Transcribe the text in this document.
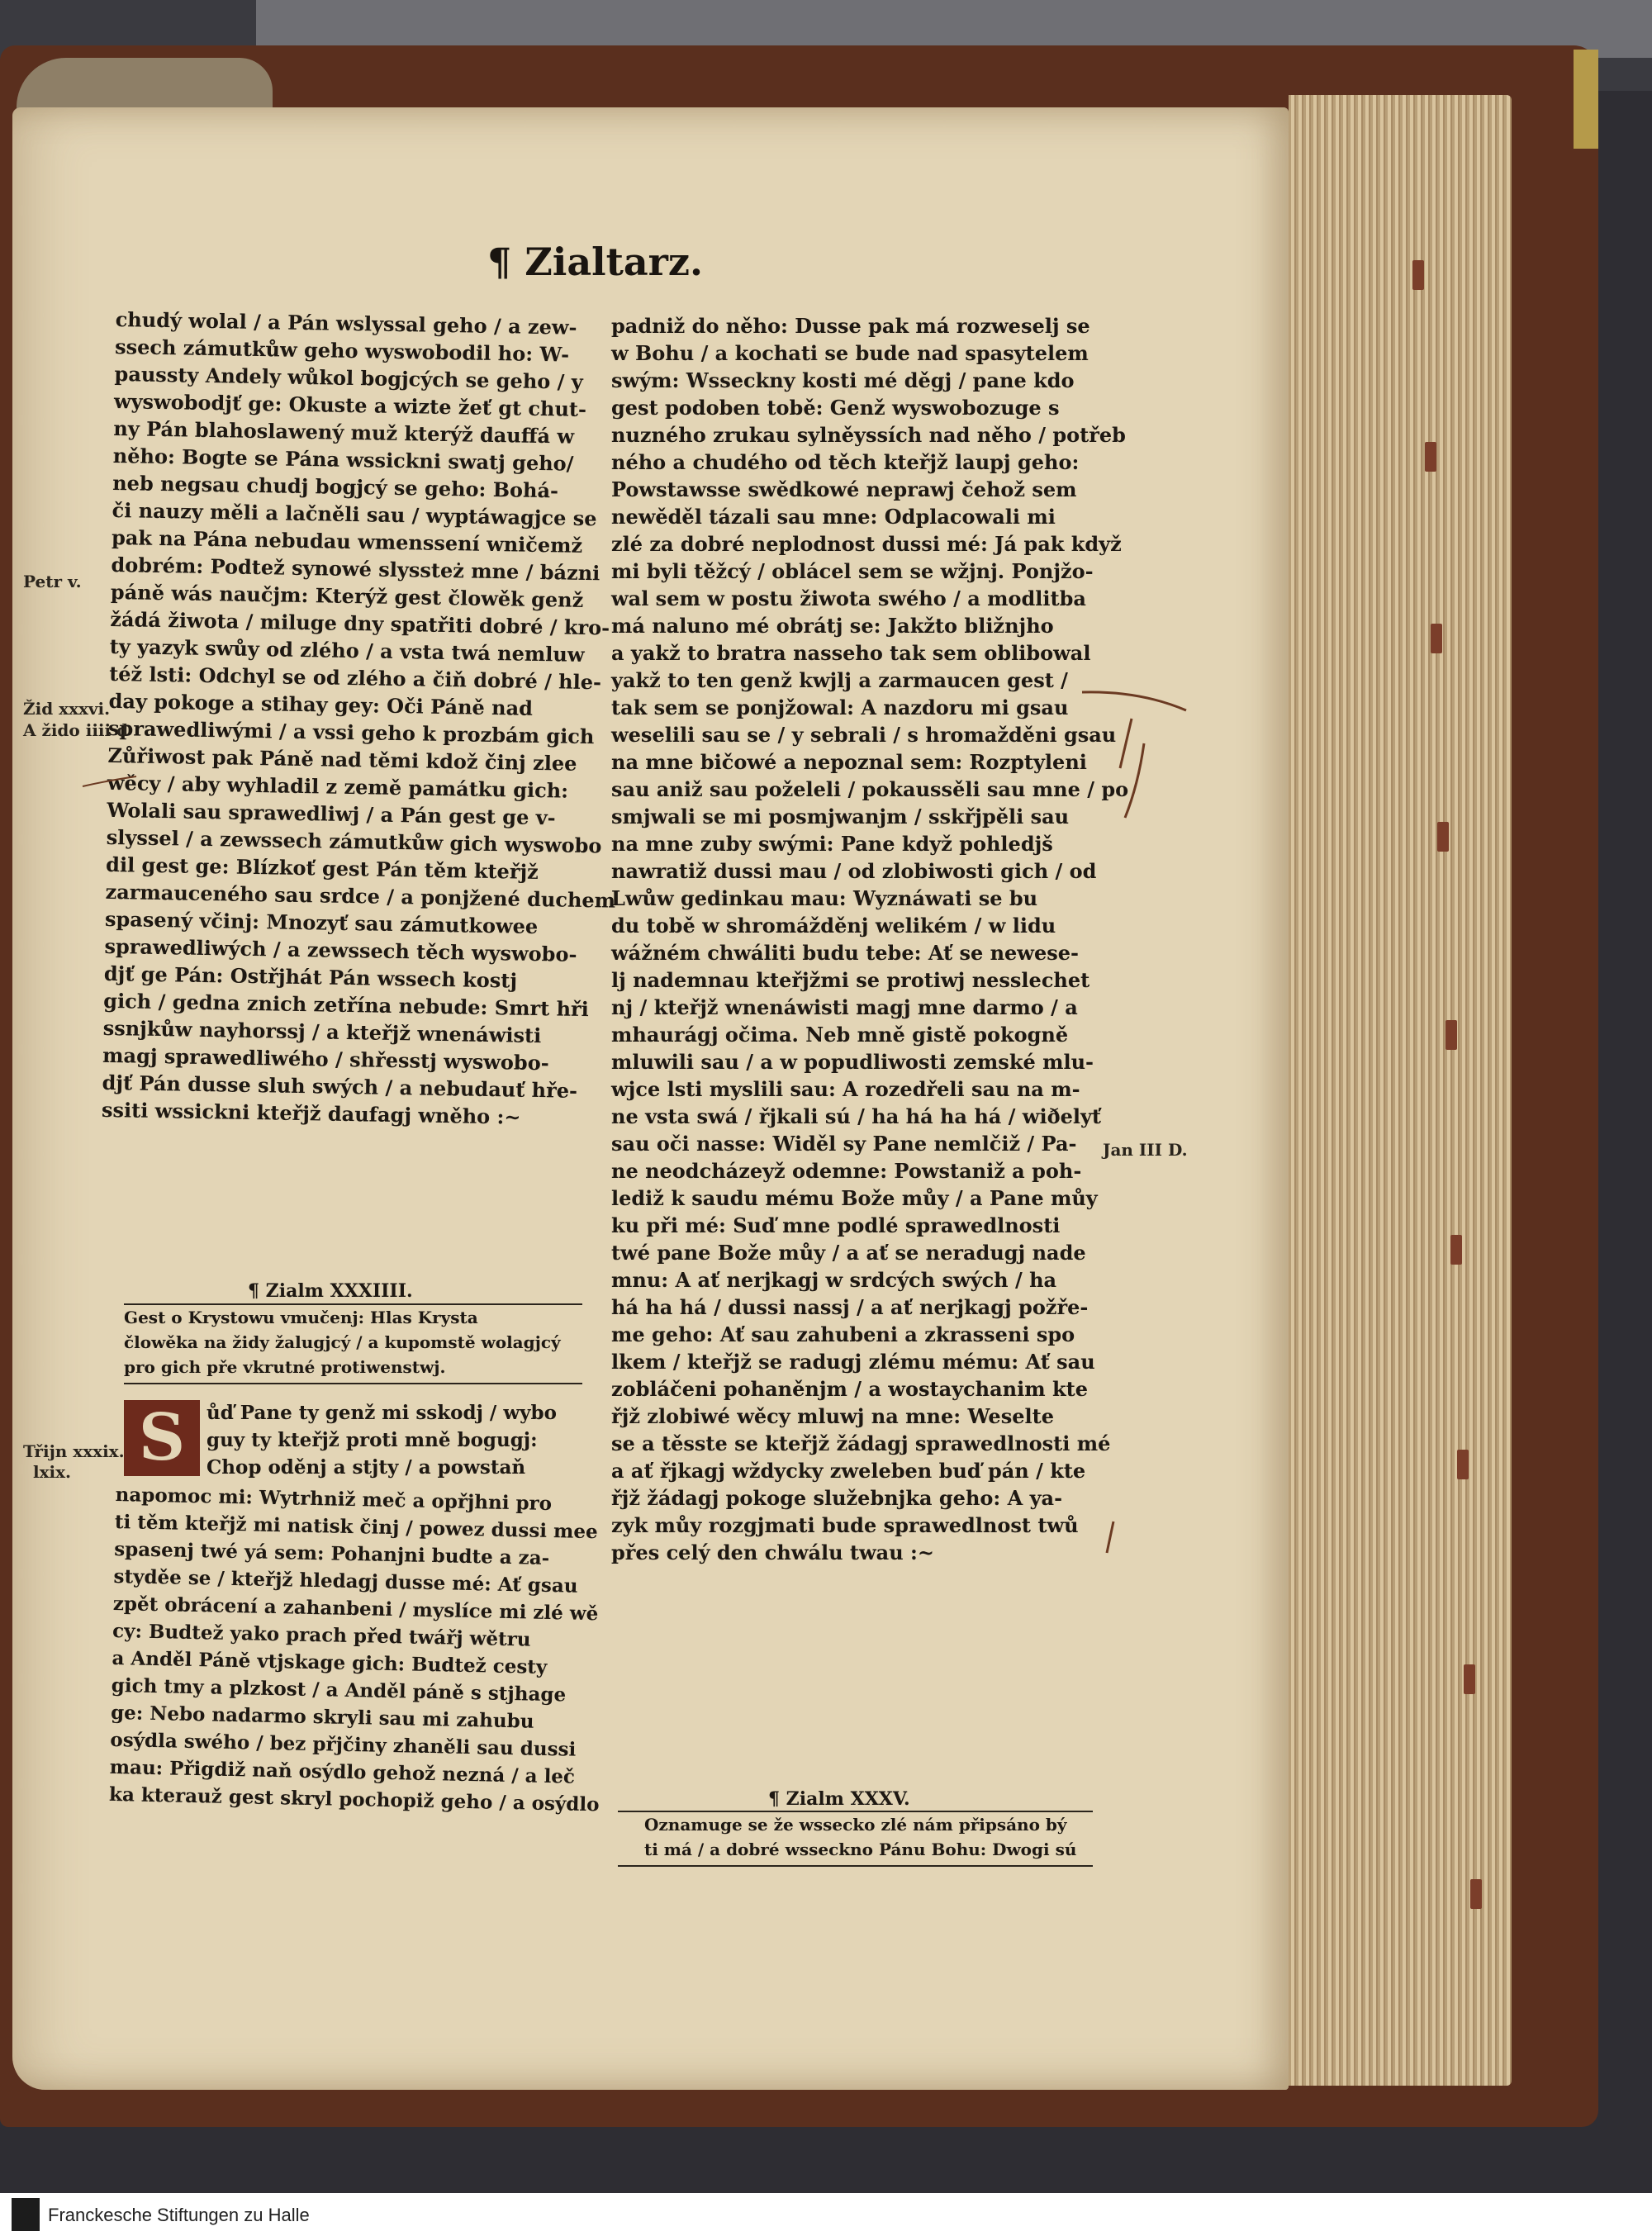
¶ Zialtarz.

chudý wolal / a Pán wslyssal geho / a zew-

ssech zámutkůw geho wyswobodil ho: W-

paussty Andely wůkol bogjcých se geho / y

wyswobodjť ge: Okuste a wizte žeť gt chut-

ny Pán blahoslawený muž kterýž dauffá w

něho: Bogte se Pána wssickni swatj geho/

neb negsau chudj bogjcý se geho: Bohá-

či nauzy měli a lačněli sau / wyptáwagjce se

pak na Pána nebudau wmenssení wničemž

dobrém: Podtež synowé slyssteż mne / bázni

páně wás naučjm: Kterýž gest člowěk genž

žádá žiwota / miluge dny spatřiti dobré / kro-

ty yazyk swůy od zlého / a vsta twá nemluw

též lsti: Odchyl se od zlého a čiň dobré / hle-

day pokoge a stihay gey: Oči Páně nad

sprawedliwými / a vssi geho k prozbám gich

Zůřiwost pak Páně nad těmi kdož činj zlee

wěcy / aby wyhladil z země památku gich:

Wolali sau sprawedliwj / a Pán gest ge v-

slyssel / a zewssech zámutkůw gich wyswobo

dil gest ge: Blízkoť gest Pán těm kteřjž

zarmauceného sau srdce / a ponjžené duchem

spasený včinj: Mnozyť sau zámutkowee

sprawedliwých / a zewssech těch wyswobo-

djť ge Pán: Ostřjhát Pán wssech kostj

gich / gedna znich zetřína nebude: Smrt hři

ssnjkůw nayhorssj / a kteřjž wnenáwisti

magj sprawedliwého / shřesstj wyswobo-

djť Pán dusse sluh swých / a nebudauť hře-

ssiti wssickni kteřjž daufagj wněho :~

¶ Zialm XXXIIII.

Gest o Krystowu vmučenj: Hlas Krysta

člowěka na židy žalugjcý / a kupomstě wolagjcý

pro gich pře vkrutné protiwenstwj.

S	ůď Pane ty genž mi sskodj / wybo

guy ty kteřjž proti mně bogugj:

Chop oděnj a stjty / a powstaň

napomoc mi: Wytrhniž meč a opřjhni pro

ti těm kteřjž mi natisk činj / powez dussi mee

spasenj twé yá sem: Pohanjni budte a za-

styděe se / kteřjž hledagj dusse mé: Ať gsau

zpět obrácení a zahanbeni / myslíce mi zlé wě

cy: Budtež yako prach před twářj wětru

a Anděl Páně vtjskage gich: Budtež cesty

gich tmy a plzkost / a Anděl páně s stjhage

ge: Nebo nadarmo skryli sau mi zahubu

osýdla swého / bez přjčiny zhaněli sau dussi

mau: Přigdiž naň osýdlo gehož nezná / a leč

ka kterauž gest skryl pochopiž geho / a osýdlo

padniž do něho: Dusse pak má rozweselj se

w Bohu / a kochati se bude nad spasytelem

swým: Wsseckny kosti mé děgj / pane kdo

gest podoben tobě: Genž wyswobozuge s

nuzného zrukau sylněyssích nad něho / potřeb

ného a chudého od těch kteřjž laupj geho:

Powstawsse swědkowé neprawj čehož sem

newěděl tázali sau mne: Odplacowali mi

zlé za dobré neplodnost dussi mé: Já pak když

mi byli těžcý / oblácel sem se wžjnj. Ponjžo-

wal sem w postu žiwota swého / a modlitba

má naluno mé obrátj se: Jakžto bližnjho

a yakž to bratra nasseho tak sem oblibowal

yakž to ten genž kwjlj a zarmaucen gest /

tak sem se ponjžowal: A nazdoru mi gsau

weselili sau se / y sebrali / s hromažděni gsau

na mne bičowé a nepoznal sem: Rozptyleni

sau aniž sau poželeli / pokaussěli sau mne / po

smjwali se mi posmjwanjm / sskřjpěli sau

na mne zuby swými: Pane když pohledjš

nawratiž dussi mau / od zlobiwosti gich / od

Lwůw gedinkau mau: Wyznáwati se bu

du tobě w shromážděnj welikém / w lidu

wážném chwáliti budu tebe: Ať se newese-

lj nademnau kteřjžmi se protiwj nesslechet

nj / kteřjž wnenáwisti magj mne darmo / a

mhaurágj očima. Neb mně gistě pokogně

mluwili sau / a w popudliwosti zemské mlu-

wjce lsti myslili sau: A rozedřeli sau na m-

ne vsta swá / řjkali sú / ha há ha há / wiðelyť

sau oči nasse: Widěl sy Pane nemlčiž / Pa-

ne neodcházeyž odemne: Powstaniž a poh-

lediž k saudu mému Bože můy / a Pane můy

ku při mé: Suď mne podlé sprawedlnosti

twé pane Bože můy / a ať se neradugj nade

mnu: A ať nerjkagj w srdcých swých / ha

há ha há / dussi nassj / a ať nerjkagj požře-

me geho: Ať sau zahubeni a zkrasseni spo

lkem / kteřjž se radugj zlému mému: Ať sau

zobláčeni pohaněnjm / a wostaychanim kte

řjž zlobiwé wěcy mluwj na mne: Weselte

se a těsste se kteřjž žádagj sprawedlnosti mé

a ať řjkagj wždycky zweleben buď pán / kte

řjž žádagj pokoge služebnjka geho: A ya-

zyk můy rozgjmati bude sprawedlnost twů

přes celý den chwálu twau :~

¶ Zialm XXXV.

Oznamuge se že wssecko zlé nám připsáno bý

ti má / a dobré wsseckno Pánu Bohu: Dwogi sú

Petr v.
Žid xxxvi.
A žido iiii d
Třijn xxxix.
lxix.
Jan III D.
Franckesche Stiftungen zu Halle
